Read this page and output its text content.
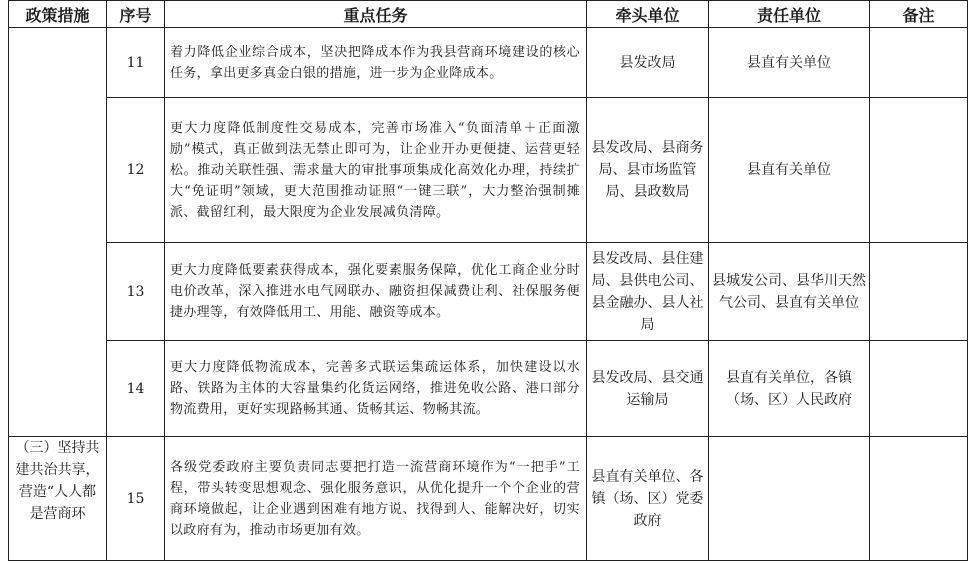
政策措施	序号	重点任务	牵头单位	责任单位	备注
	11	着力降低企业综合成本，坚决把降成本作为我县营商环境建设的核心任务，拿出更多真金白银的措施，进一步为企业降成本。	县发改局	县直有关单位	
	12	更大力度降低制度性交易成本，完善市场准入“负面清单＋正面激励”模式，真正做到法无禁止即可为，让企业开办更便捷、运营更轻松。推动关联性强、需求量大的审批事项集成化高效化办理，持续扩大“免证明”领域，更大范围推动证照“一键三联”，大力整治强制摊派、截留红利，最大限度为企业发展减负清障。	县发改局、县商务局、县市场监管局、县政数局	县直有关单位	
	13	更大力度降低要素获得成本，强化要素服务保障，优化工商企业分时电价改革，深入推进水电气网联办、融资担保减费让利、社保服务便捷办理等，有效降低用工、用能、融资等成本。	县发改局、县住建局、县供电公司、县金融办、县人社局	县城发公司、县华川天然气公司、县直有关单位	
	14	更大力度降低物流成本，完善多式联运集疏运体系，加快建设以水路、铁路为主体的大容量集约化货运网络，推进免收公路、港口部分物流费用，更好实现路畅其通、货畅其运、物畅其流。	县发改局、县交通运输局	县直有关单位，各镇（场、区）人民政府	
（三）坚持共建共治共享，营造“人人都是营商环	15	各级党委政府主要负责同志要把打造一流营商环境作为“一把手”工程，带头转变思想观念、强化服务意识，从优化提升一个个企业的营商环境做起，让企业遇到困难有地方说、找得到人、能解决好，切实以政府有为，推动市场更加有效。	县直有关单位、各镇（场、区）党委政府		
